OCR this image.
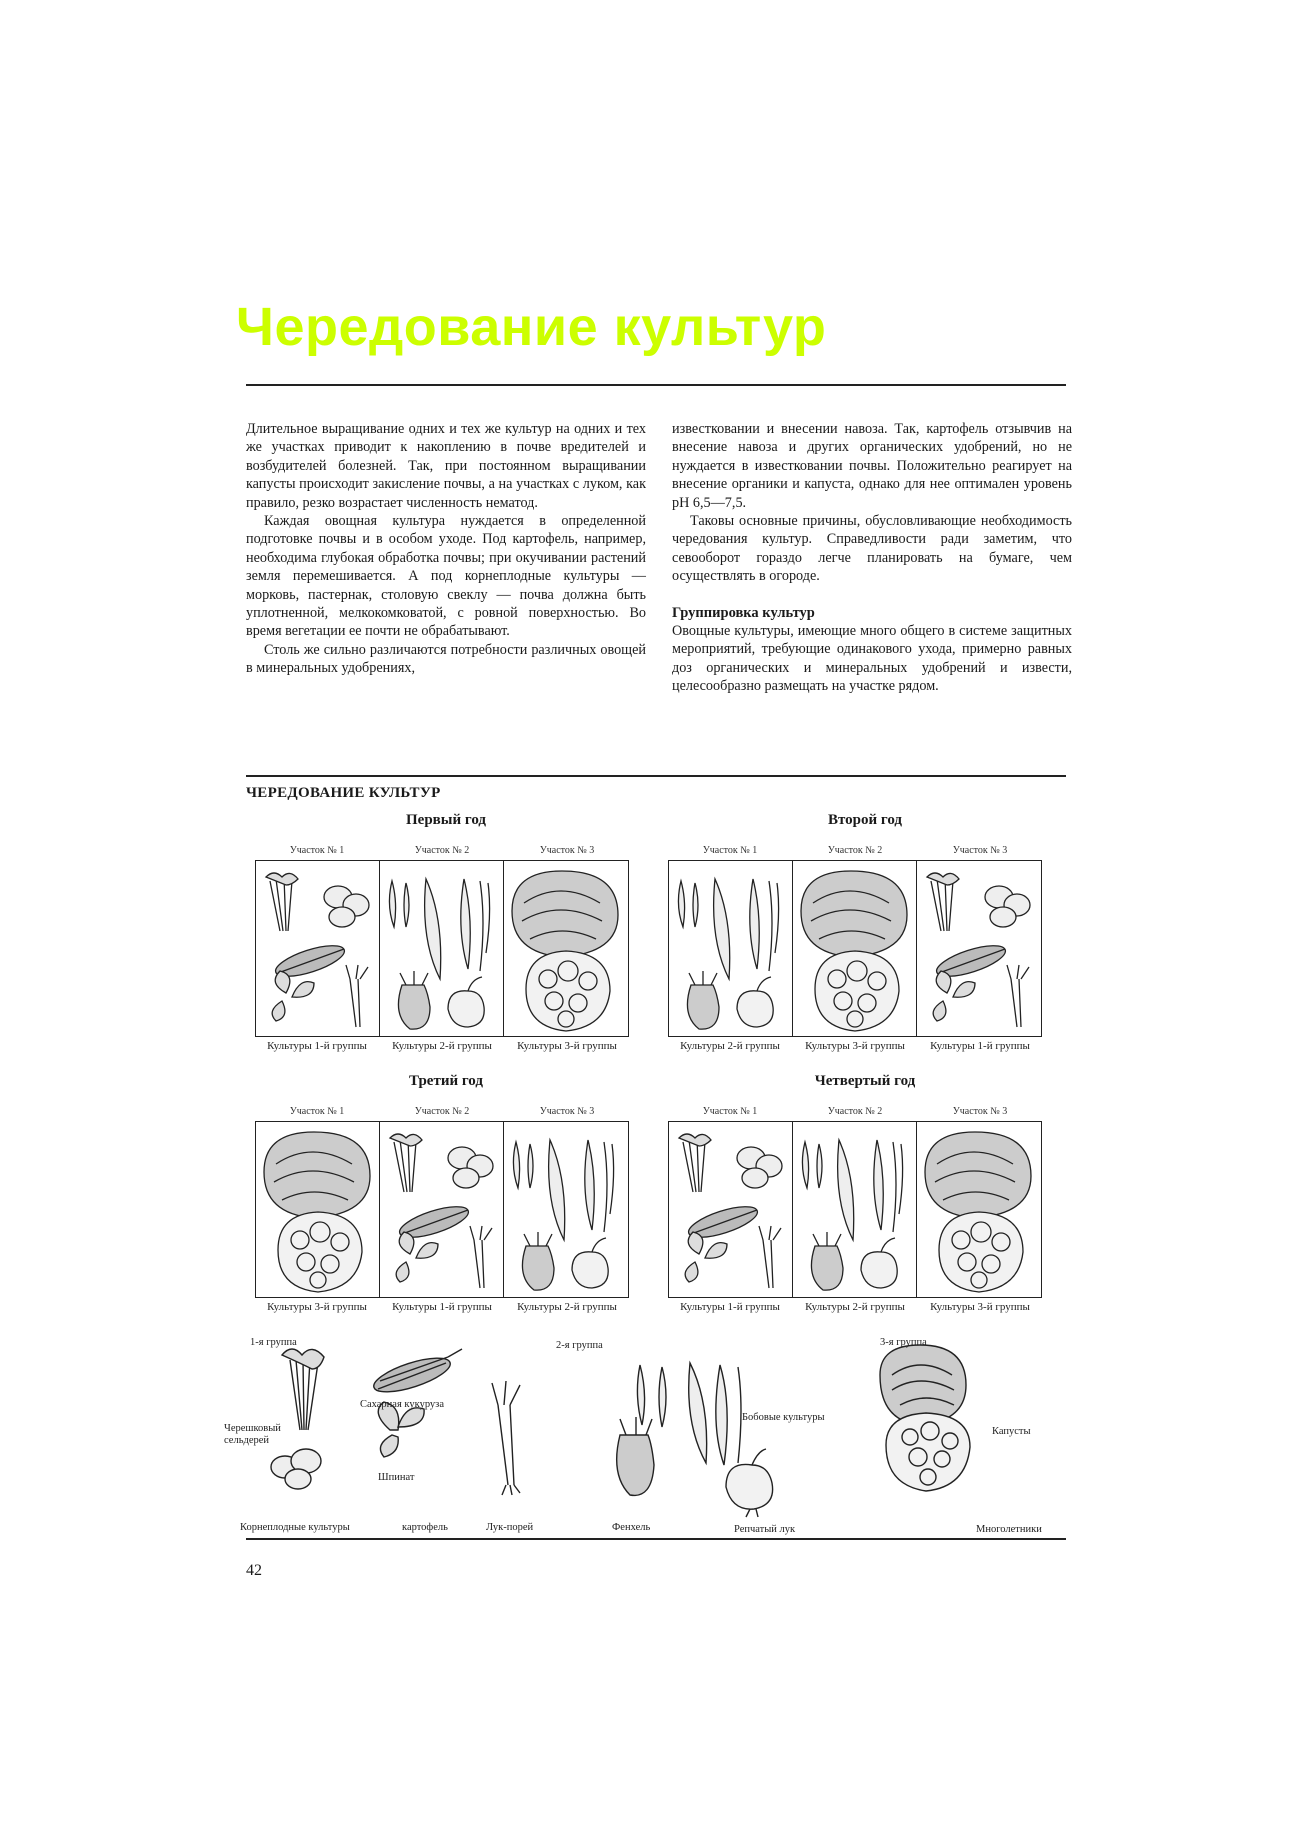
Чередование культур

Длительное выращивание одних и тех же культур на одних и тех же участках приводит к накоплению в почве вредителей и возбудителей болезней. Так, при постоянном выращивании капусты происходит закисление почвы, а на участках с луком, как правило, резко возрастает численность нематод.

Каждая овощная культура нуждается в определенной подготовке почвы и в особом уходе. Под картофель, например, необходима глубокая обработка почвы; при окучивании растений земля перемешивается. А под корнеплодные культуры — морковь, пастернак, столовую свеклу — почва должна быть уплотненной, мелкокомковатой, с ровной поверхностью. Во время вегетации ее почти не обрабатывают.

Столь же сильно различаются потребности различных овощей в минеральных удобрениях,

известковании и внесении навоза. Так, картофель отзывчив на внесение навоза и других органических удобрений, но не нуждается в известковании почвы. Положительно реагирует на внесение органики и капуста, однако для нее оптимален уровень pH 6,5—7,5.

Таковы основные причины, обусловливающие необходимость чередования культур. Справедливости ради заметим, что севооборот гораздо легче планировать на бумаге, чем осуществлять в огороде.

Группировка культур

Овощные культуры, имеющие много общего в системе защитных мероприятий, требующие одинакового ухода, примерно равных доз органических и минеральных удобрений и извести, целесообразно размещать на участке рядом.

ЧЕРЕДОВАНИЕ КУЛЬТУР
Первый год
Участок № 1	Участок № 2	Участок № 3
Культуры 1-й группы	Культуры 2-й группы	Культуры 3-й группы
Второй год
Участок № 1	Участок № 2	Участок № 3
Культуры 2-й группы	Культуры 3-й группы	Культуры 1-й группы
Третий год
Участок № 1	Участок № 2	Участок № 3
Культуры 3-й группы	Культуры 1-й группы	Культуры 2-й группы
Четвертый год
Участок № 1	Участок № 2	Участок № 3
Культуры 1-й группы	Культуры 2-й группы	Культуры 3-й группы
1-я группа	2-я группа	3-я группа
Черешковый сельдерей
Сахарная кукуруза
Шпинат
Бобовые культуры
Капусты
Корнеплодные культуры	картофель	Лук-порей	Фенхель	Репчатый лук	Многолетники
42
